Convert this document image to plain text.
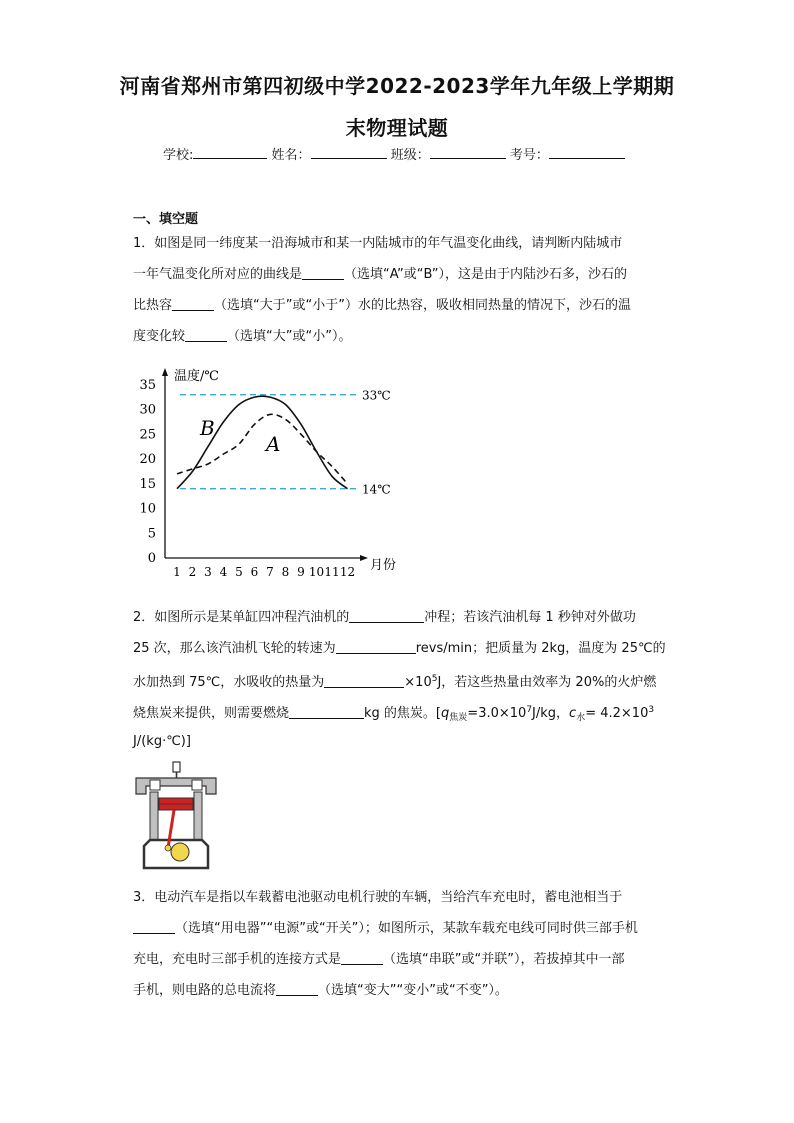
河南省郑州市第四初级中学2022-2023学年九年级上学期期
末物理试题
学校:	姓名：	班级：	考号：
一、填空题
1．如图是同一纬度某一沿海城市和某一内陆城市的年气温变化曲线，请判断内陆城市
一年气温变化所对应的曲线是	（选填“A”或“B”），这是由于内陆沙石多，沙石的
比热容	（选填“大于”或“小于”）水的比热容，吸收相同热量的情况下，沙石的温
度变化较	（选填“大”或“小”）。
温度/℃
月份
0
5
10
15
20
25
30
35
1 2 3 4 5 6 7 8 9 10 11 12
33℃
14℃
B
A
2．如图所示是某单缸四冲程汽油机的	冲程；若该汽油机每 1 秒钟对外做功
25 次，那么该汽油机飞轮的转速为	revs/min；把质量为 2kg，温度为 25℃的
水加热到 75℃，水吸收的热量为	$\times 10^5J$，若这些热量由效率为 20%的火炉燃
烧焦炭来提供，则需要燃烧	kg 的焦炭。[$q_{焦炭}=3.0\times 10^7J/kg$，$c_水= 4.2\times 10^3$
J/(kg·℃)]
3．电动汽车是指以车载蓄电池驱动电机行驶的车辆，当给汽车充电时，蓄电池相当于
（选填“用电器”“电源”或“开关”）；如图所示，某款车载充电线可同时供三部手机
充电，充电时三部手机的连接方式是	（选填“串联”或“并联”），若拔掉其中一部
手机，则电路的总电流将	（选填“变大”“变小”或“不变”）。
